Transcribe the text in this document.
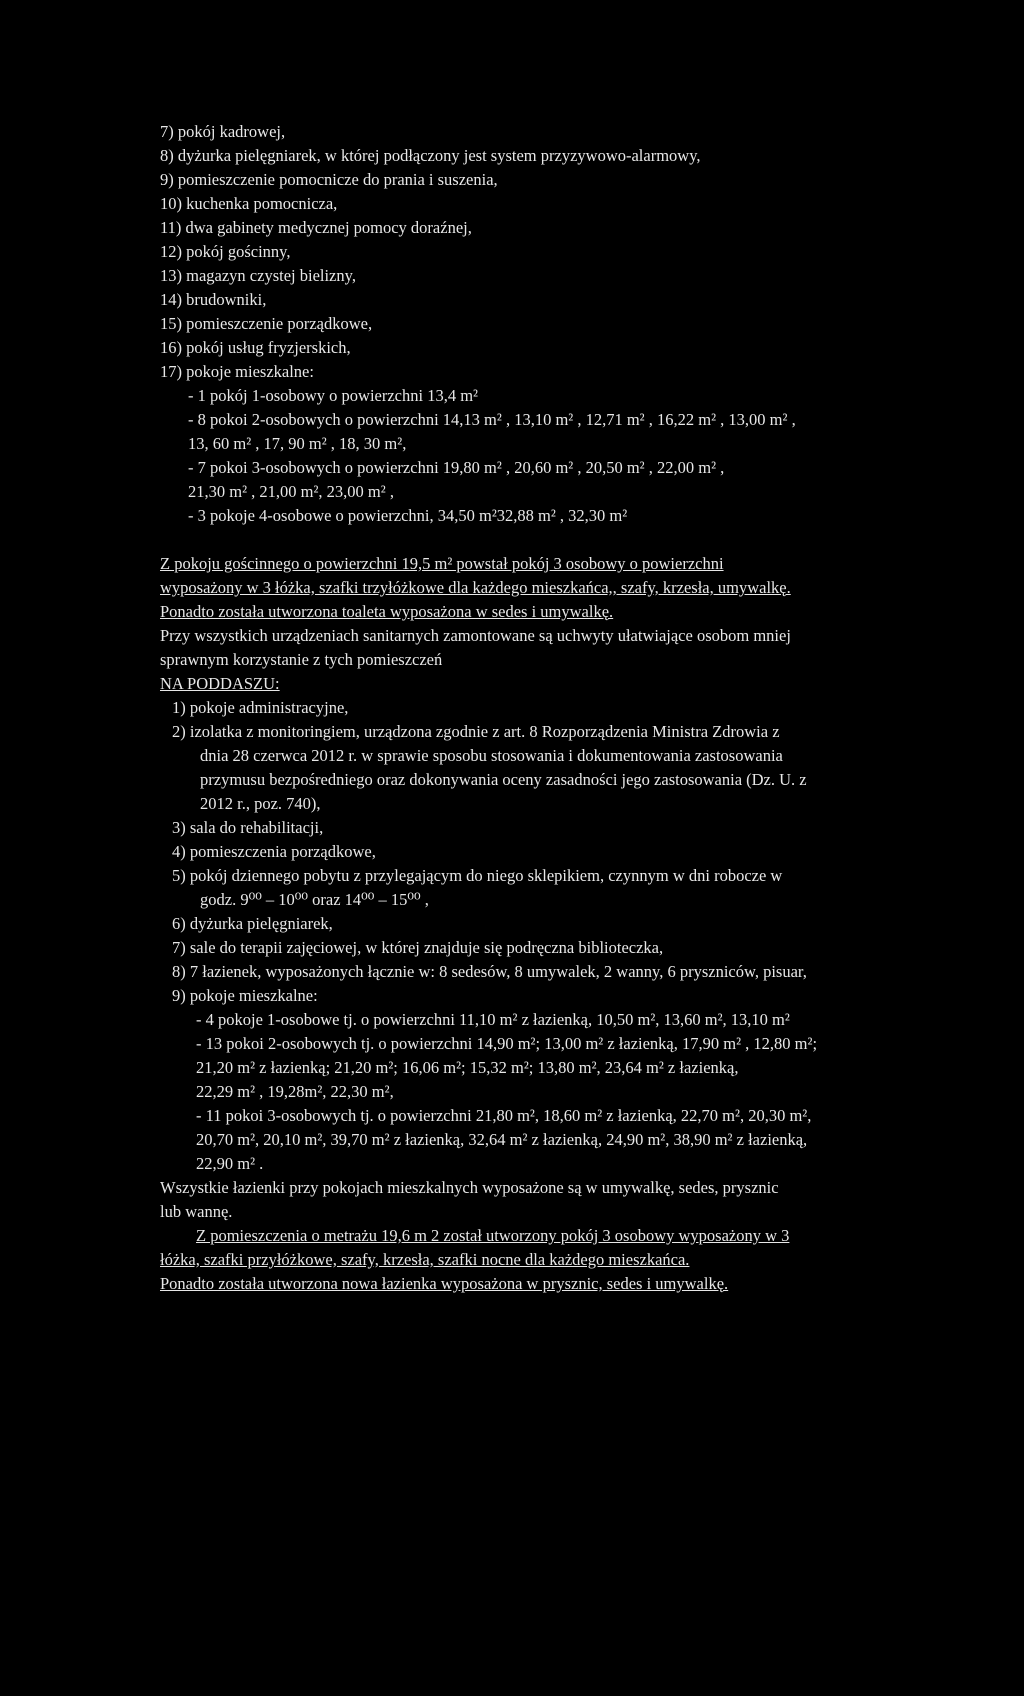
7) pokój kadrowej,
8) dyżurka pielęgniarek, w której podłączony jest system przyzywowo-alarmowy,
9) pomieszczenie pomocnicze do prania i suszenia,
10) kuchenka pomocnicza,
11) dwa gabinety medycznej pomocy doraźnej,
12) pokój gościnny,
13) magazyn czystej bielizny,
14) brudowniki,
15) pomieszczenie porządkowe,
16) pokój usług fryzjerskich,
17) pokoje mieszkalne:
- 1 pokój 1-osobowy o powierzchni 13,4 m²
- 8 pokoi 2-osobowych o powierzchni 14,13 m² , 13,10 m² , 12,71 m² , 16,22 m² , 13,00 m² ,
13, 60 m² , 17, 90 m² , 18, 30 m²,
- 7 pokoi 3-osobowych o powierzchni 19,80 m² , 20,60 m² , 20,50 m² , 22,00 m² ,
21,30 m² , 21,00 m², 23,00 m² ,
- 3 pokoje 4-osobowe o powierzchni, 34,50 m²32,88 m² , 32,30 m²
Z pokoju gościnnego o powierzchni 19,5 m² powstał pokój 3 osobowy o powierzchni
wyposażony w 3 łóżka, szafki trzyłóżkowe dla każdego mieszkańca,, szafy, krzesła, umywalkę.
Ponadto została utworzona toaleta wyposażona w sedes i umywalkę.
Przy wszystkich urządzeniach sanitarnych zamontowane są uchwyty ułatwiające osobom mniej
sprawnym korzystanie z tych pomieszczeń
NA PODDASZU:
1) pokoje administracyjne,
2) izolatka z monitoringiem, urządzona zgodnie z art. 8 Rozporządzenia Ministra Zdrowia z
dnia 28 czerwca 2012 r. w sprawie sposobu stosowania i dokumentowania zastosowania
przymusu bezpośredniego oraz dokonywania oceny zasadności jego zastosowania (Dz. U. z
2012 r., poz. 740),
3) sala do rehabilitacji,
4) pomieszczenia porządkowe,
5) pokój dziennego pobytu z przylegającym do niego sklepikiem, czynnym w dni robocze w
godz. 9⁰⁰ – 10⁰⁰ oraz 14⁰⁰ – 15⁰⁰ ,
6) dyżurka pielęgniarek,
7) sale do terapii zajęciowej, w której znajduje się podręczna biblioteczka,
8) 7 łazienek, wyposażonych łącznie w: 8 sedesów, 8 umywalek, 2 wanny, 6 pryszniców, pisuar,
9) pokoje mieszkalne:
- 4 pokoje 1-osobowe tj. o powierzchni 11,10 m² z łazienką, 10,50 m², 13,60 m², 13,10 m²
- 13 pokoi 2-osobowych tj. o powierzchni 14,90 m²; 13,00 m² z łazienką, 17,90 m² , 12,80 m²;
21,20 m² z łazienką; 21,20 m²; 16,06 m²; 15,32 m²; 13,80 m², 23,64 m² z łazienką,
22,29 m² , 19,28m², 22,30 m²,
- 11 pokoi 3-osobowych tj. o powierzchni 21,80 m², 18,60 m² z łazienką, 22,70 m², 20,30 m²,
20,70 m², 20,10 m², 39,70 m² z łazienką, 32,64 m² z łazienką, 24,90 m², 38,90 m² z łazienką,
22,90 m² .
Wszystkie łazienki przy pokojach mieszkalnych wyposażone są w umywalkę, sedes, prysznic
lub wannę.
Z pomieszczenia o metrażu 19,6 m 2 został utworzony pokój 3 osobowy wyposażony w 3
łóżka, szafki przyłóżkowe, szafy, krzesła, szafki nocne dla każdego mieszkańca.
Ponadto została utworzona nowa łazienka wyposażona w prysznic, sedes i umywalkę.
